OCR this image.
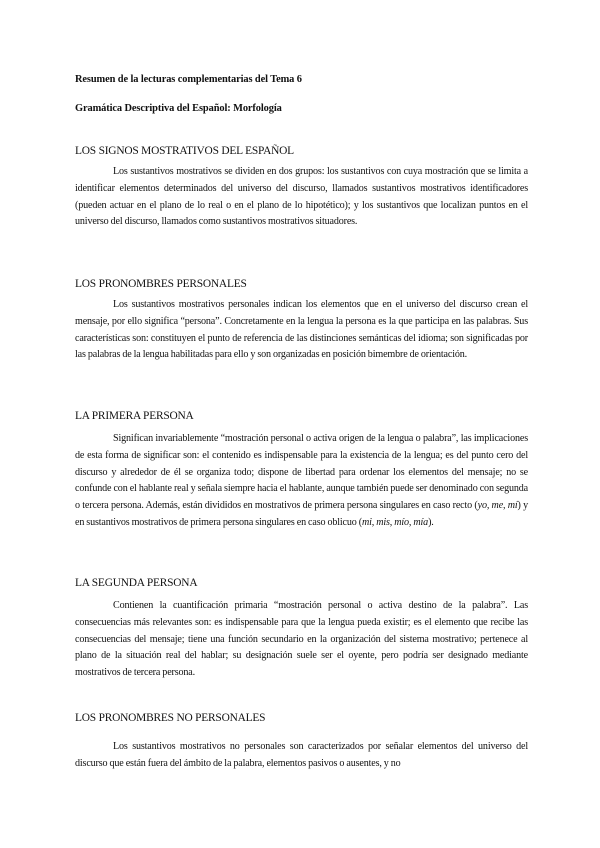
Resumen de la lecturas complementarias del Tema 6
Gramática Descriptiva del Español: Morfología
LOS SIGNOS MOSTRATIVOS DEL ESPAÑOL
Los sustantivos mostrativos se dividen en dos grupos: los sustantivos con cuya mostración que se limita a identificar elementos determinados del universo del discurso, llamados sustantivos mostrativos identificadores (pueden actuar en el plano de lo real o en el plano de lo hipotético); y los sustantivos que localizan puntos en el universo del discurso, llamados como sustantivos mostrativos situadores.
LOS PRONOMBRES PERSONALES
Los sustantivos mostrativos personales indican los elementos que en el universo del discurso crean el mensaje, por ello significa “persona”. Concretamente en la lengua la persona es la que participa en las palabras. Sus características son: constituyen el punto de referencia de las distinciones semánticas del idioma; son significadas por las palabras de la lengua habilitadas para ello y son organizadas en posición bimembre de orientación.
LA PRIMERA PERSONA
Significan invariablemente “mostración personal o activa origen de la lengua o palabra”, las implicaciones de esta forma de significar son: el contenido es indispensable para la existencia de la lengua; es del punto cero del discurso y alrededor de él se organiza todo; dispone de libertad para ordenar los elementos del mensaje; no se confunde con el hablante real y señala siempre hacia el hablante, aunque también puede ser denominado con segunda o tercera persona. Además, están divididos en mostrativos de primera persona singulares en caso recto (yo, me, mí) y en sustantivos mostrativos de primera persona singulares en caso oblicuo (mi, mis, mío, mía).
LA SEGUNDA PERSONA
Contienen la cuantificación primaria “mostración personal o activa destino de la palabra”. Las consecuencias más relevantes son: es indispensable para que la lengua pueda existir; es el elemento que recibe las consecuencias del mensaje; tiene una función secundario en la organización del sistema mostrativo; pertenece al plano de la situación real del hablar; su designación suele ser el oyente, pero podría ser designado mediante mostrativos de tercera persona.
LOS PRONOMBRES NO PERSONALES
Los sustantivos mostrativos no personales son caracterizados por señalar elementos del universo del discurso que están fuera del ámbito de la palabra, elementos pasivos o ausentes, y no
